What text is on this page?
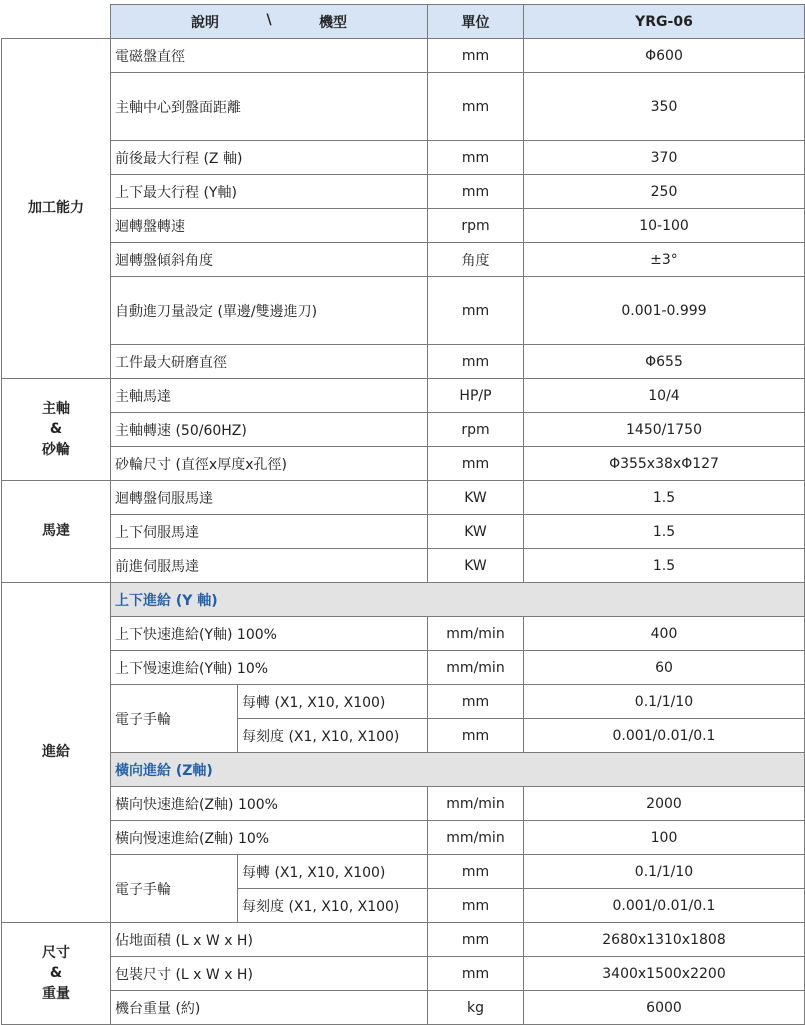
	說明 \ 機型		單位	YRG-06
加工能力	電磁盤直徑		mm	Φ600
	主軸中心到盤面距離		mm	350
	前後最大行程 (Z 軸)		mm	370
	上下最大行程 (Y軸)		mm	250
	迴轉盤轉速		rpm	10-100
	迴轉盤傾斜角度		角度	±3°
	自動進刀量設定 (單邊/雙邊進刀)		mm	0.001-0.999
	工件最大研磨直徑		mm	Φ655

主軸
&
砂輪	主軸馬達		HP/P	10/4
	主軸轉速 (50/60HZ)		rpm	1450/1750
	砂輪尺寸 (直徑x厚度x孔徑)		mm	Φ355x38xΦ127
馬達	迴轉盤伺服馬達		KW	1.5
	上下伺服馬達		KW	1.5
	前進伺服馬達		KW	1.5
進給	上下進給 (Y 軸)			
	上下快速進給(Y軸) 100%		mm/min	400
	上下慢速進給(Y軸) 10%		mm/min	60
	電子手輪	每轉 (X1, X10, X100)	mm	0.1/1/10
		每刻度 (X1, X10, X100)	mm	0.001/0.01/0.1
	橫向進給 (Z軸)			
	橫向快速進給(Z軸) 100%		mm/min	2000
	橫向慢速進給(Z軸) 10%		mm/min	100
	電子手輪	每轉 (X1, X10, X100)	mm	0.1/1/10
		每刻度 (X1, X10, X100)	mm	0.001/0.01/0.1

尺寸
&
重量	佔地面積 (L x W x H)		mm	2680x1310x1808
	包裝尺寸 (L x W x H)		mm	3400x1500x2200
	機台重量 (約)		kg	6000
